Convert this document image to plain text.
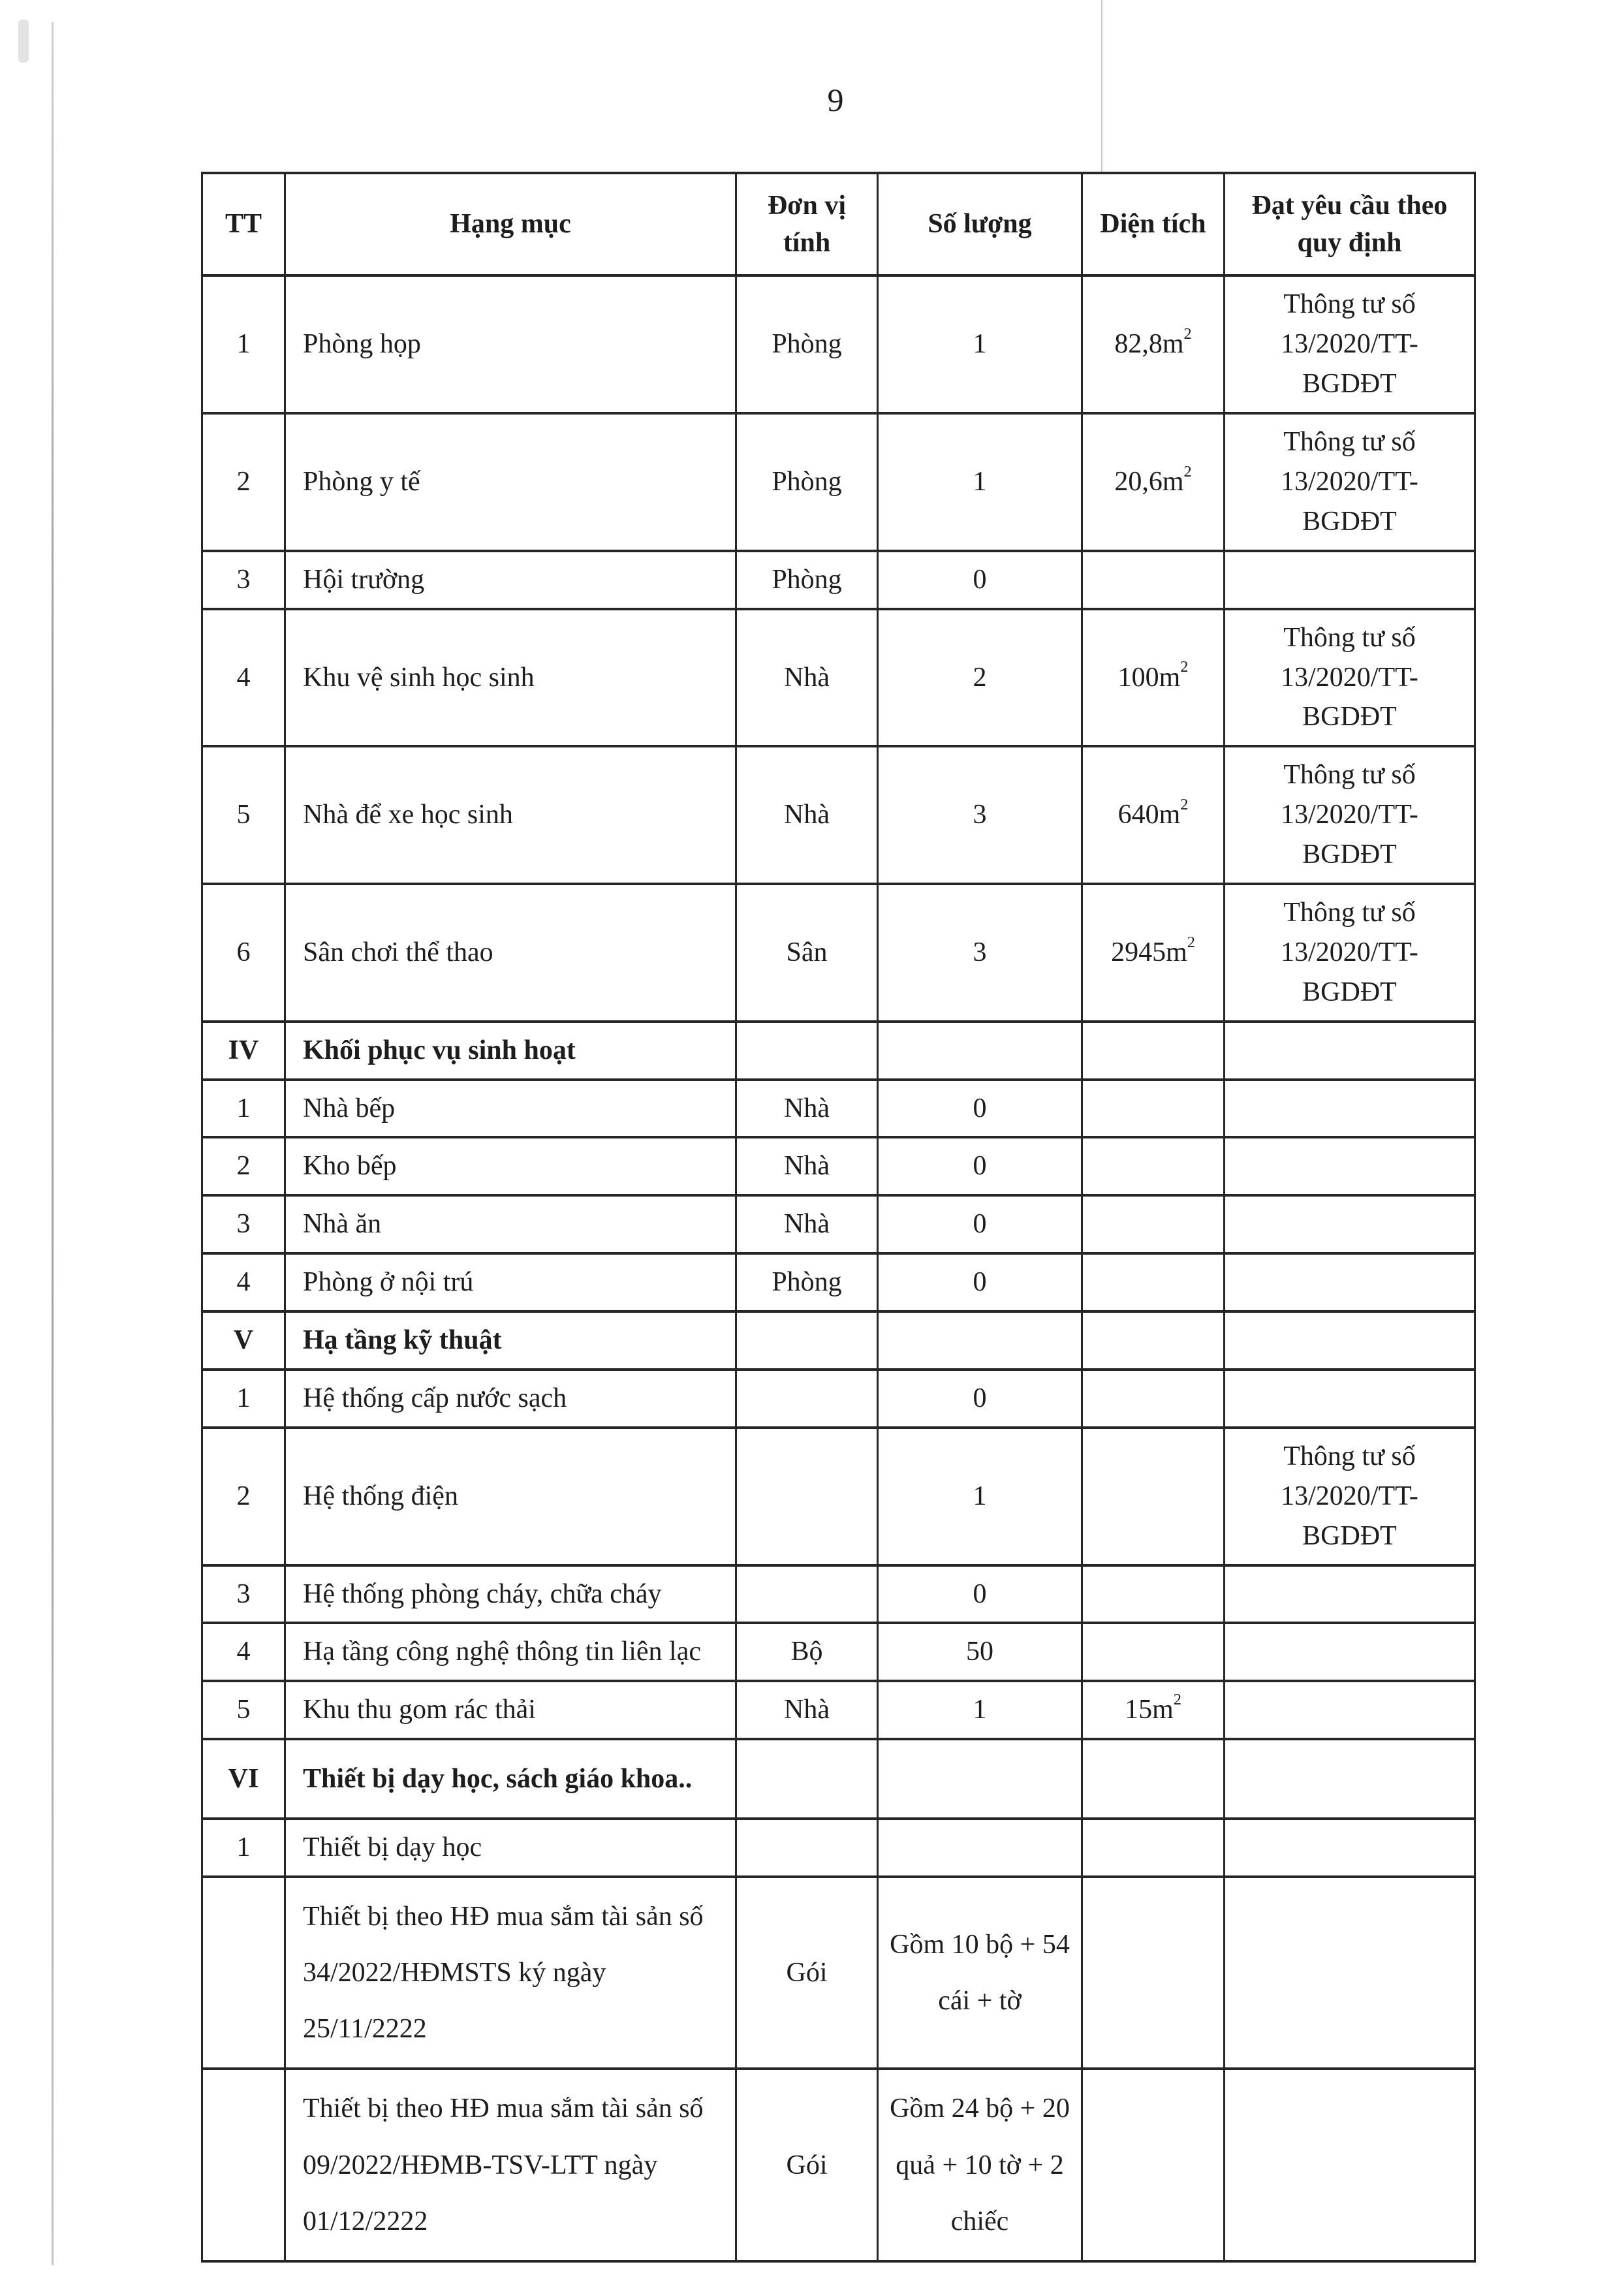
9
TT	Hạng mục	Đơn vị tính	Số lượng	Diện tích	Đạt yêu cầu theo quy định
1	Phòng họp	Phòng	1	$82,8m^2$	Thông tư số 13/2020/TT-BGDĐT
2	Phòng y tế	Phòng	1	$20,6m^2$	Thông tư số 13/2020/TT-BGDĐT
3	Hội trường	Phòng	0		
4	Khu vệ sinh học sinh	Nhà	2	$100m^2$	Thông tư số 13/2020/TT-BGDĐT
5	Nhà để xe học sinh	Nhà	3	$640m^2$	Thông tư số 13/2020/TT-BGDĐT
6	Sân chơi thể thao	Sân	3	$2945m^2$	Thông tư số 13/2020/TT-BGDĐT
IV	Khối phục vụ sinh hoạt				
1	Nhà bếp	Nhà	0		
2	Kho bếp	Nhà	0		
3	Nhà ăn	Nhà	0		
4	Phòng ở nội trú	Phòng	0		
V	Hạ tầng kỹ thuật				
1	Hệ thống cấp nước sạch		0		
2	Hệ thống điện		1		Thông tư số 13/2020/TT-BGDĐT
3	Hệ thống phòng cháy, chữa cháy		0		
4	Hạ tầng công nghệ thông tin liên lạc	Bộ	50		
5	Khu thu gom rác thải	Nhà	1	$15m^2$	
VI	Thiết bị dạy học, sách giáo khoa..				
1	Thiết bị dạy học				
	Thiết bị theo HĐ mua sắm tài sản số 34/2022/HĐMSTS ký ngày 25/11/2222	Gói	Gồm 10 bộ + 54 cái + tờ		
	Thiết bị theo HĐ mua sắm tài sản số 09/2022/HĐMB-TSV-LTT ngày 01/12/2222	Gói	Gồm 24 bộ + 20 quả + 10 tờ + 2 chiếc		
